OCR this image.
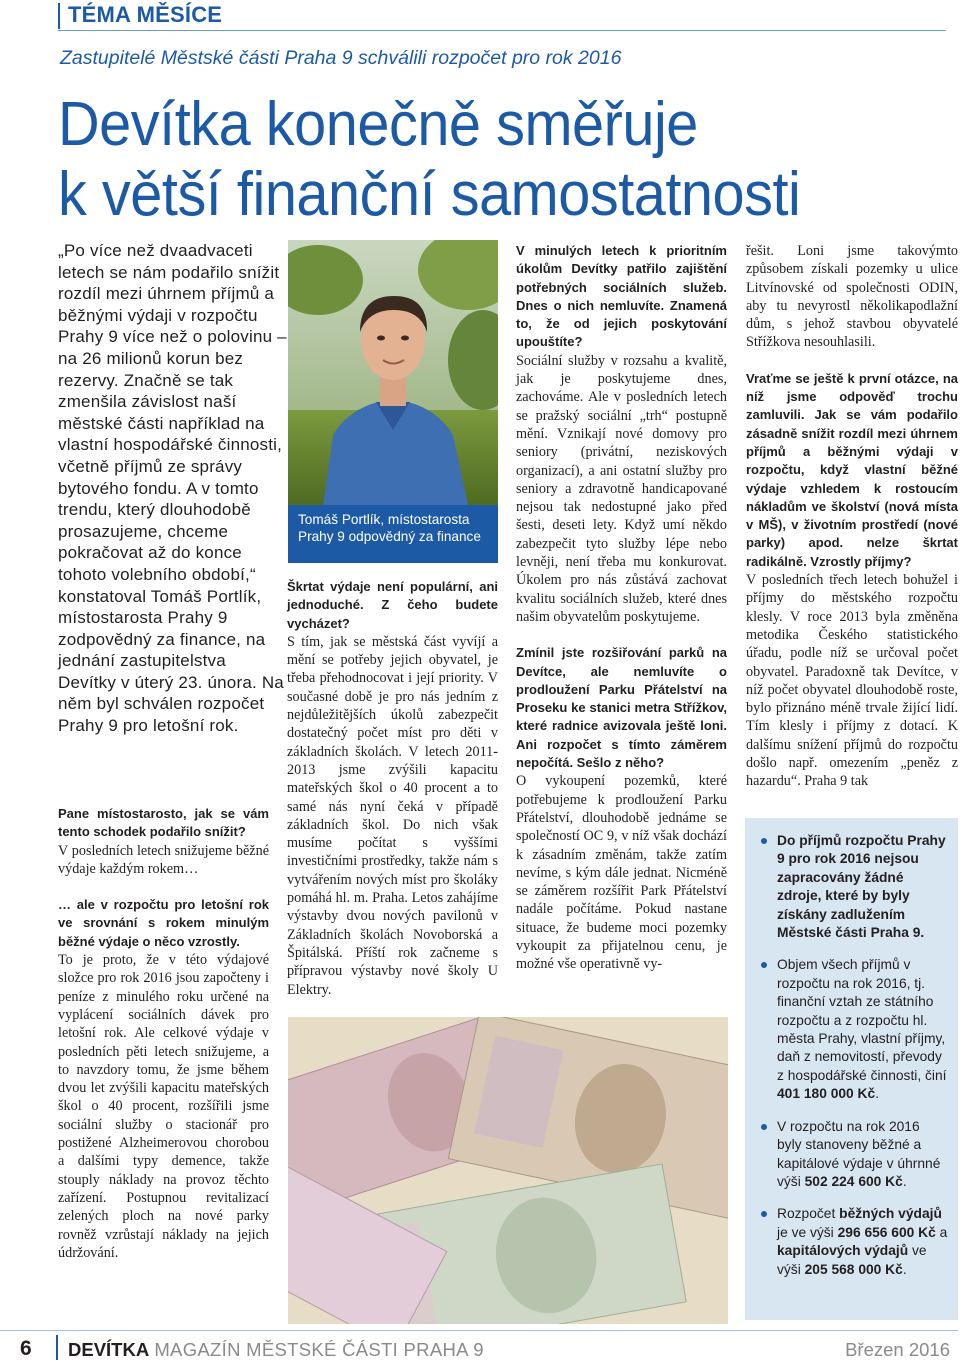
TÉMA MĚSÍCE
Zastupitelé Městské části Praha 9 schválili rozpočet pro rok 2016
Devítka konečně směřuje
k větší finanční samostatnosti
„Po více než dvaadvaceti letech se nám podařilo snížit rozdíl mezi úhrnem příjmů a běžnými výdaji v rozpočtu Prahy 9 více než o polovinu – na 26 milionů korun bez rezervy. Značně se tak zmenšila závislost naší městské části například na vlastní hospodářské činnosti, včetně příjmů ze správy bytového fondu. A v tomto trendu, který dlouhodobě prosazujeme, chceme pokračovat až do konce tohoto volebního období,“ konstatoval Tomáš Portlík, místostarosta Prahy 9 zodpovědný za finance, na jednání zastupitelstva Devítky v úterý 23. února. Na něm byl schválen rozpočet Prahy 9 pro letošní rok.
Tomáš Portlík, místostarosta
Prahy 9 odpovědný za finance

Pane místostarosto, jak se vám tento schodek podařilo snížit?

V posledních letech snižujeme běžné výdaje každým rokem…

… ale v rozpočtu pro letošní rok ve srovnání s rokem minulým běžné výdaje o něco vzrostly.

To je proto, že v této výdajové složce pro rok 2016 jsou započteny i peníze z minulého roku určené na vyplácení sociálních dávek pro letošní rok. Ale celkové výdaje v posledních pěti letech snižujeme, a to navzdory tomu, že jsme během dvou let zvýšili kapacitu mateřských škol o 40 procent, rozšířili jsme sociální služby o stacionář pro postižené Alzheimerovou chorobou a dalšími typy demence, takže stouply náklady na provoz těchto zařízení. Postupnou revitalizací zelených ploch na nové parky rovněž vzrůstají náklady na jejich údržování.

Škrtat výdaje není populární, ani jednoduché. Z čeho budete vycházet?

S tím, jak se městská část vyvíjí a mění se potřeby jejich obyvatel, je třeba přehodnocovat i její priority. V současné době je pro nás jedním z nejdůležitějších úkolů zabezpečit dostatečný počet míst pro děti v základních školách. V letech 2011-2013 jsme zvýšili kapacitu mateřských škol o 40 procent a to samé nás nyní čeká v případě základních škol. Do nich však musíme počítat s vyššími investičními prostředky, takže nám s vytvářením nových míst pro školáky pomáhá hl. m. Praha. Letos zahájíme výstavby dvou nových pavilonů v Základních školách Novoborská a Špitálská. Příští rok začneme s přípravou výstavby nové školy U Elektry.

V minulých letech k prioritním úkolům Devítky patřilo zajištění potřebných sociálních služeb. Dnes o nich nemluvíte. Znamená to, že od jejich poskytování upouštíte?

Sociální služby v rozsahu a kvalitě, jak je poskytujeme dnes, zachováme. Ale v posledních letech se pražský sociální „trh“ postupně mění. Vznikají nové domovy pro seniory (privátní, neziskových organizací), a ani ostatní služby pro seniory a zdravotně handicapované nejsou tak nedostupné jako před šesti, deseti lety. Když umí někdo zabezpečit tyto služby lépe nebo levněji, není třeba mu konkurovat. Úkolem pro nás zůstává zachovat kvalitu sociálních služeb, které dnes našim obyvatelům poskytujeme.

Zmínil jste rozšiřování parků na Devítce, ale nemluvíte o prodloužení Parku Přátelství na Proseku ke stanici metra Střížkov, které radnice avizovala ještě loni. Ani rozpočet s tímto záměrem nepočítá. Sešlo z něho?

O vykoupení pozemků, které potřebujeme k prodloužení Parku Přátelství, dlouhodobě jednáme se společností OC 9, v níž však dochází k zásadním změnám, takže zatím nevíme, s kým dále jednat. Nicméně se záměrem rozšířit Park Přátelství nadále počítáme. Pokud nastane situace, že budeme moci pozemky vykoupit za přijatelnou cenu, je možné vše operativně vy-

řešit. Loni jsme takovýmto způsobem získali pozemky u ulice Litvínovské od společnosti ODIN, aby tu nevyrostl několikapodlažní dům, s jehož stavbou obyvatelé Střížkova nesouhlasili.

Vraťme se ještě k první otázce, na níž jsme odpověď trochu zamluvili. Jak se vám podařilo zásadně snížit rozdíl mezi úhrnem příjmů a běžnými výdaji v rozpočtu, když vlastní běžné výdaje vzhledem k rostoucím nákladům ve školství (nová místa v MŠ), v životním prostředí (nové parky) apod. nelze škrtat radikálně. Vzrostly příjmy?

V posledních třech letech bohužel i příjmy do městského rozpočtu klesly. V roce 2013 byla změněna metodika Českého statistického úřadu, podle níž se určoval počet obyvatel. Paradoxně tak Devítce, v níž počet obyvatel dlouhodobě roste, bylo přiznáno méně trvale žijící lidí. Tím klesly i příjmy z dotací. K dalšímu snížení příjmů do rozpočtu došlo např. omezením „peněz z hazardu“. Praha 9 tak

Do příjmů rozpočtu Prahy 9 pro rok 2016 nejsou zapracovány žádné zdroje, které by byly získány zadlužením Městské části Praha 9.

Objem všech příjmů v rozpočtu na rok 2016, tj. finanční vztah ze státního rozpočtu a z rozpočtu hl. města Prahy, vlastní příjmy, daň z nemovitostí, převody z hospodářské činnosti, činí 401 180 000 Kč.

V rozpočtu na rok 2016 byly stanoveny běžné a kapitálové výdaje v úhrnné výši 502 224 600 Kč.

Rozpočet běžných výdajů je ve výši 296 656 600 Kč a kapitálových výdajů ve výši 205 568 000 Kč.

6 DEVÍTKA MAGAZÍN MĚSTSKÉ ČÁSTI PRAHA 9	Březen 2016
